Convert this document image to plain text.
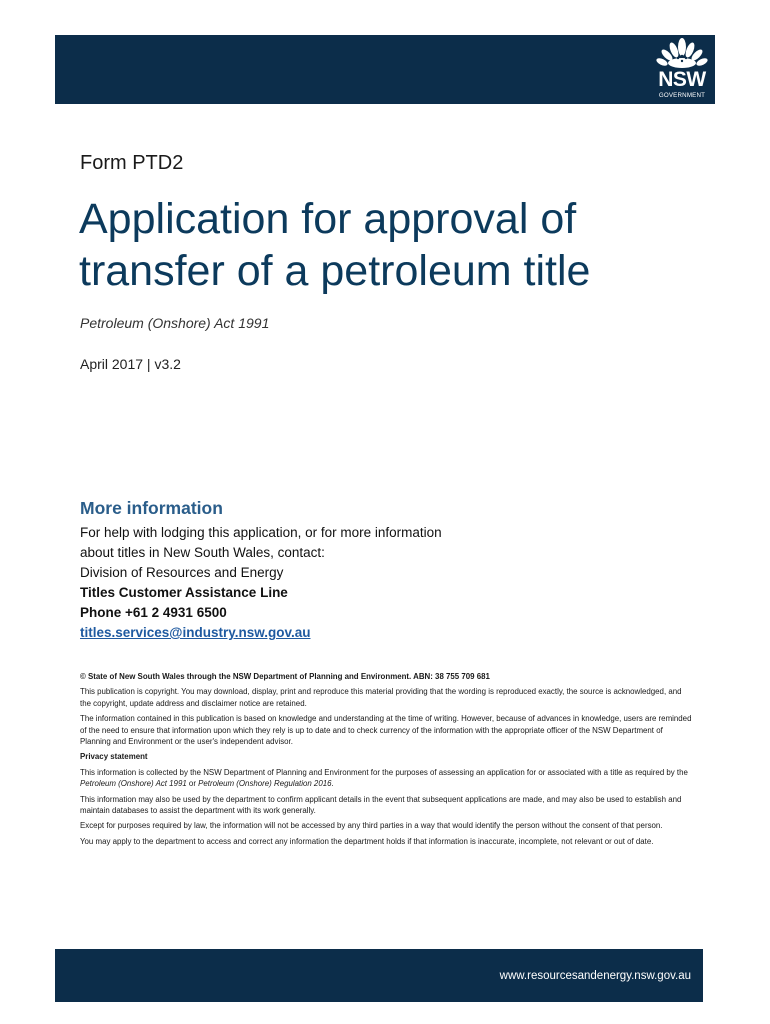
NSW
GOVERNMENT
Form PTD2
Application for approval of
transfer of a petroleum title
Petroleum (Onshore) Act 1991
April 2017 | v3.2
More information
For help with lodging this application, or for more information
about titles in New South Wales, contact:
Division of Resources and Energy
Titles Customer Assistance Line
Phone +61 2 4931 6500
titles.services@industry.nsw.gov.au

© State of New South Wales through the NSW Department of Planning and Environment. ABN: 38 755 709 681

This publication is copyright. You may download, display, print and reproduce this material providing that the wording is reproduced exactly, the source is acknowledged, and the copyright, update address and disclaimer notice are retained.

The information contained in this publication is based on knowledge and understanding at the time of writing. However, because of advances in knowledge, users are reminded of the need to ensure that information upon which they rely is up to date and to check currency of the information with the appropriate officer of the NSW Department of Planning and Environment or the user's independent advisor.

Privacy statement

This information is collected by the NSW Department of Planning and Environment for the purposes of assessing an application for or associated with a title as required by the Petroleum (Onshore) Act 1991 or Petroleum (Onshore) Regulation 2016.

This information may also be used by the department to confirm applicant details in the event that subsequent applications are made, and may also be used to establish and maintain databases to assist the department with its work generally.

Except for purposes required by law, the information will not be accessed by any third parties in a way that would identify the person without the consent of that person.

You may apply to the department to access and correct any information the department holds if that information is inaccurate, incomplete, not relevant or out of date.

www.resourcesandenergy.nsw.gov.au
